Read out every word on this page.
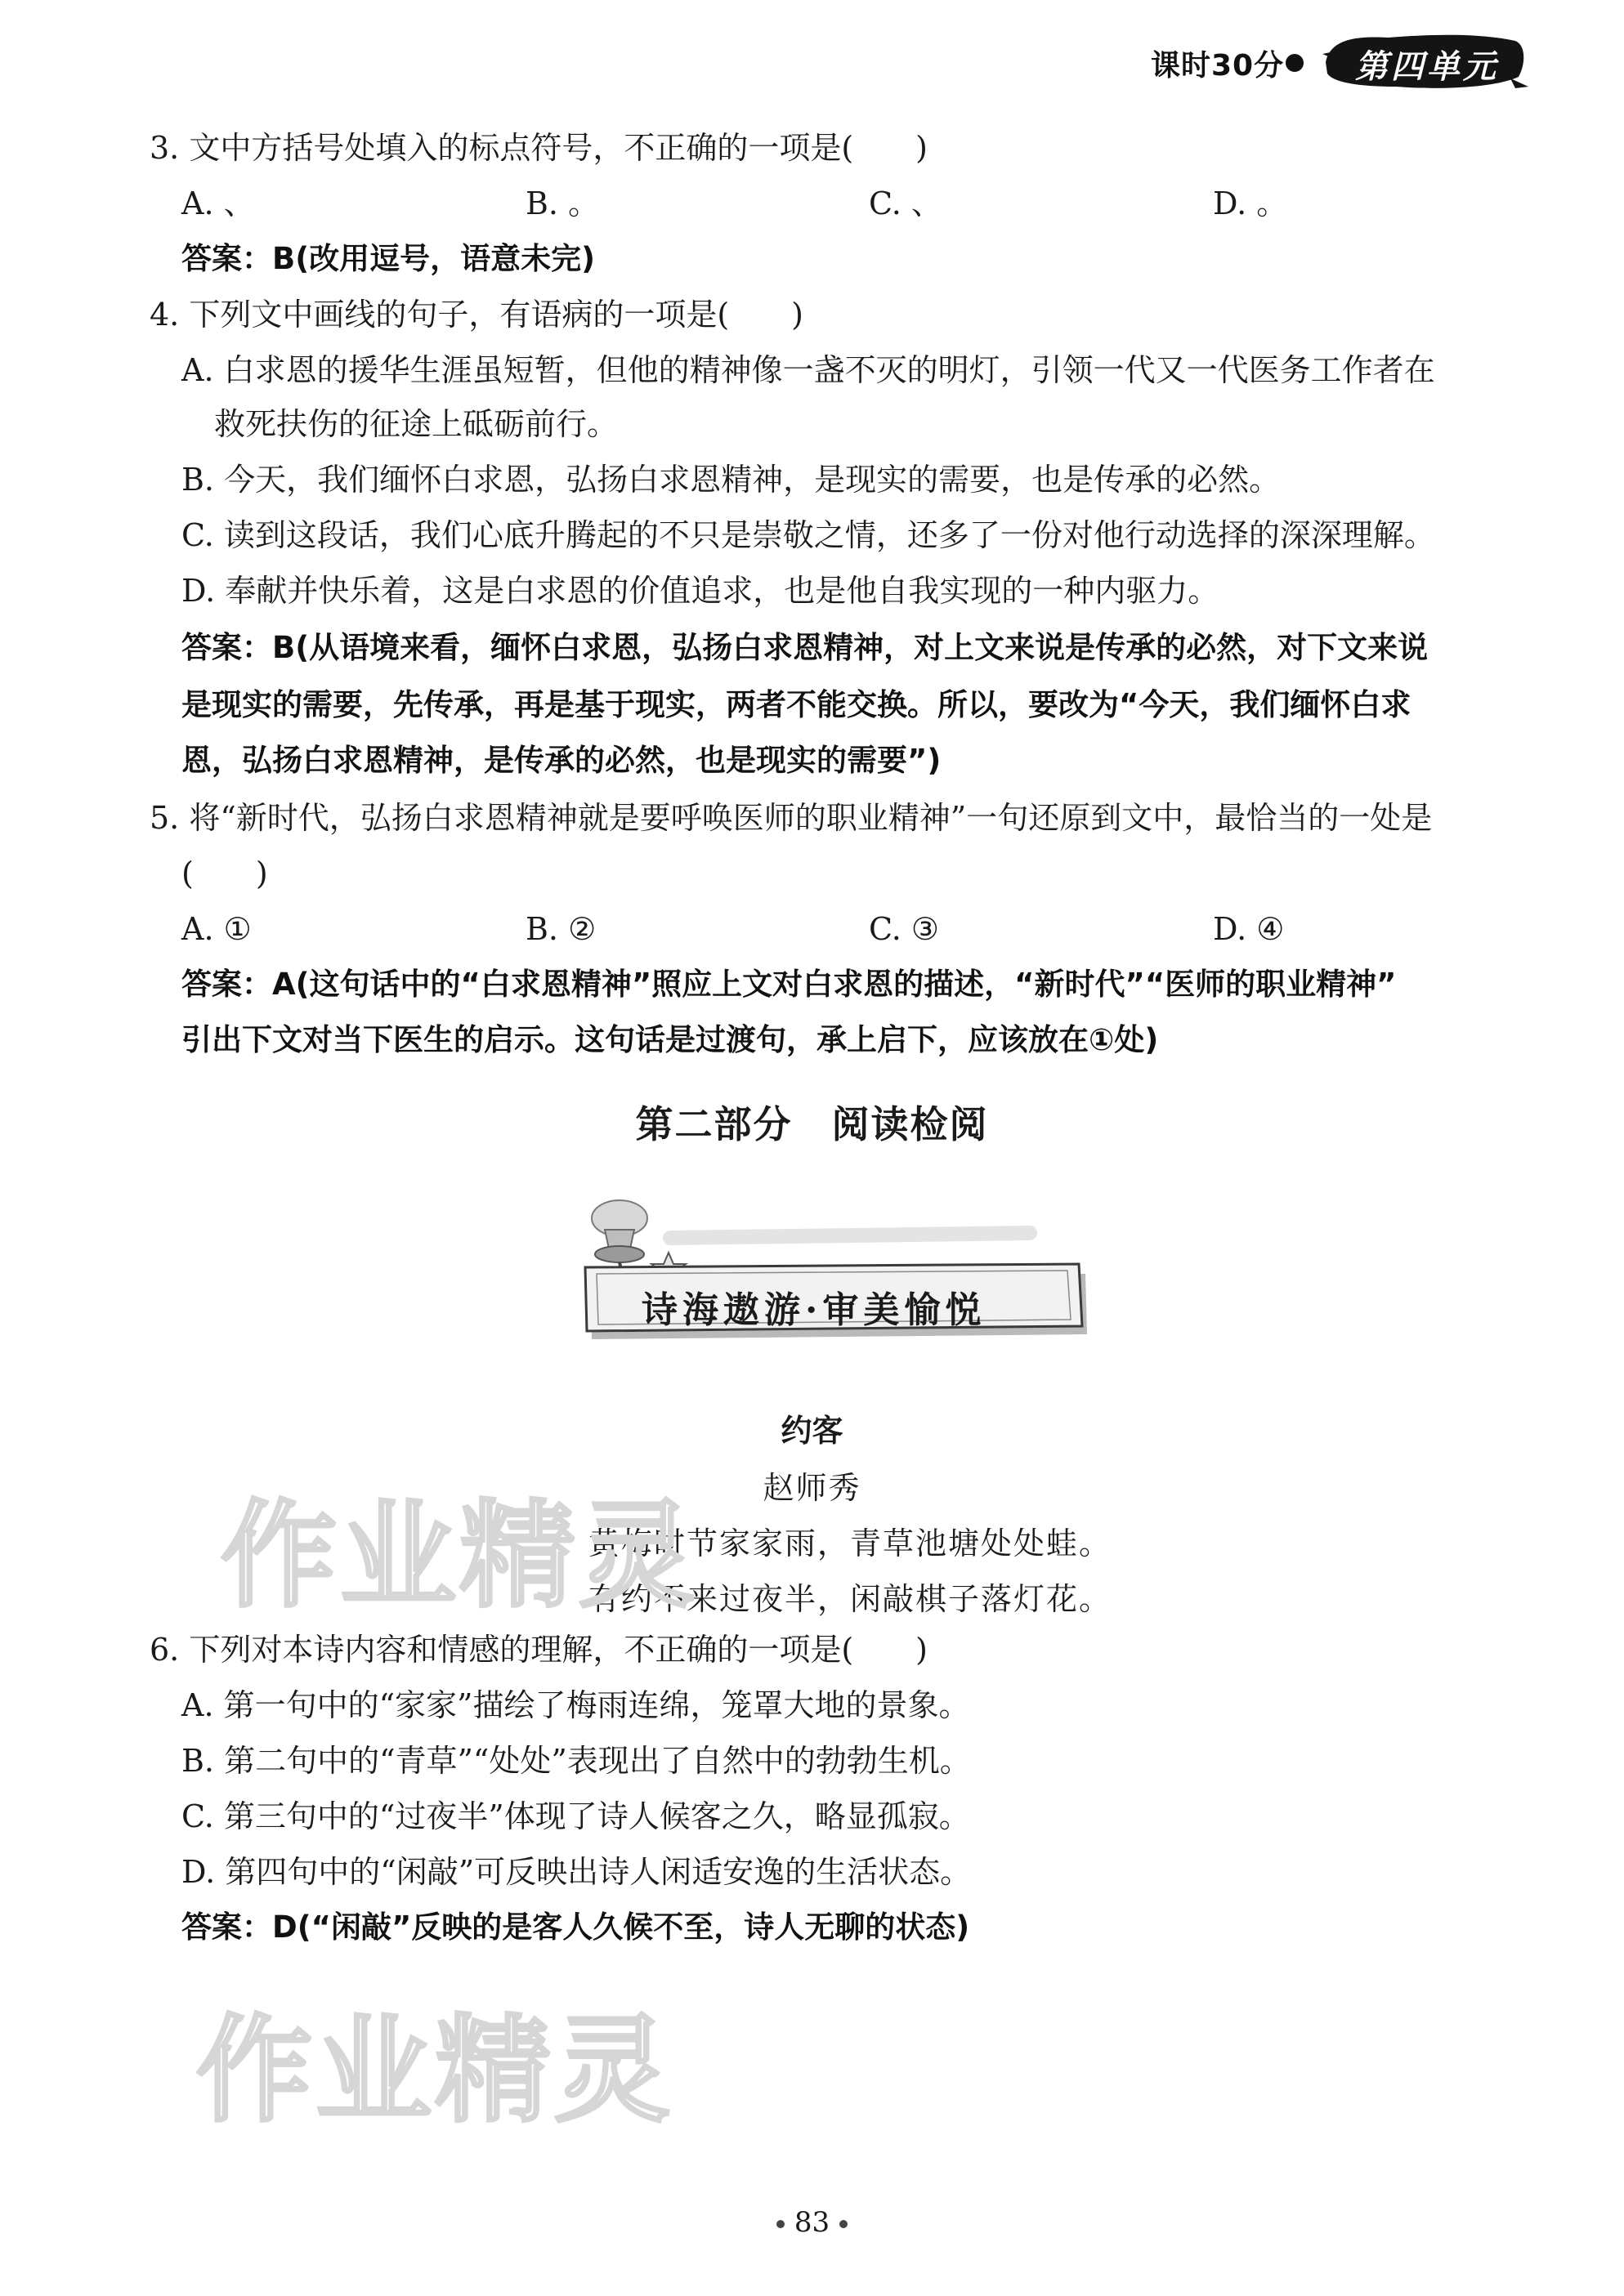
课时30分 第四单元
3. 文中方括号处填入的标点符号，不正确的一项是(　　)
A. 、	B. 。	C. 、	D. 。
答案：B(改用逗号，语意未完)
4. 下列文中画线的句子，有语病的一项是(　　)
A. 白求恩的援华生涯虽短暂，但他的精神像一盏不灭的明灯，引领一代又一代医务工作者在
救死扶伤的征途上砥砺前行。
B. 今天，我们缅怀白求恩，弘扬白求恩精神，是现实的需要，也是传承的必然。
C. 读到这段话，我们心底升腾起的不只是崇敬之情，还多了一份对他行动选择的深深理解。
D. 奉献并快乐着，这是白求恩的价值追求，也是他自我实现的一种内驱力。
答案：B(从语境来看，缅怀白求恩，弘扬白求恩精神，对上文来说是传承的必然，对下文来说
是现实的需要，先传承，再是基于现实，两者不能交换。所以，要改为“今天，我们缅怀白求
恩，弘扬白求恩精神，是传承的必然，也是现实的需要”)
5. 将“新时代，弘扬白求恩精神就是要呼唤医师的职业精神”一句还原到文中，最恰当的一处是
(　　)
A. ①	B. ②	C. ③	D. ④
答案：A(这句话中的“白求恩精神”照应上文对白求恩的描述，“新时代”“医师的职业精神”
引出下文对当下医生的启示。这句话是过渡句，承上启下，应该放在①处)
第二部分　阅读检阅
诗海遨游·审美愉悦
约客
赵师秀
黄梅时节家家雨，青草池塘处处蛙。
有约不来过夜半，闲敲棋子落灯花。
6. 下列对本诗内容和情感的理解，不正确的一项是(　　)
A. 第一句中的“家家”描绘了梅雨连绵，笼罩大地的景象。
B. 第二句中的“青草”“处处”表现出了自然中的勃勃生机。
C. 第三句中的“过夜半”体现了诗人候客之久，略显孤寂。
D. 第四句中的“闲敲”可反映出诗人闲适安逸的生活状态。
答案：D(“闲敲”反映的是客人久候不至，诗人无聊的状态)
作业精灵
作业精灵
83
